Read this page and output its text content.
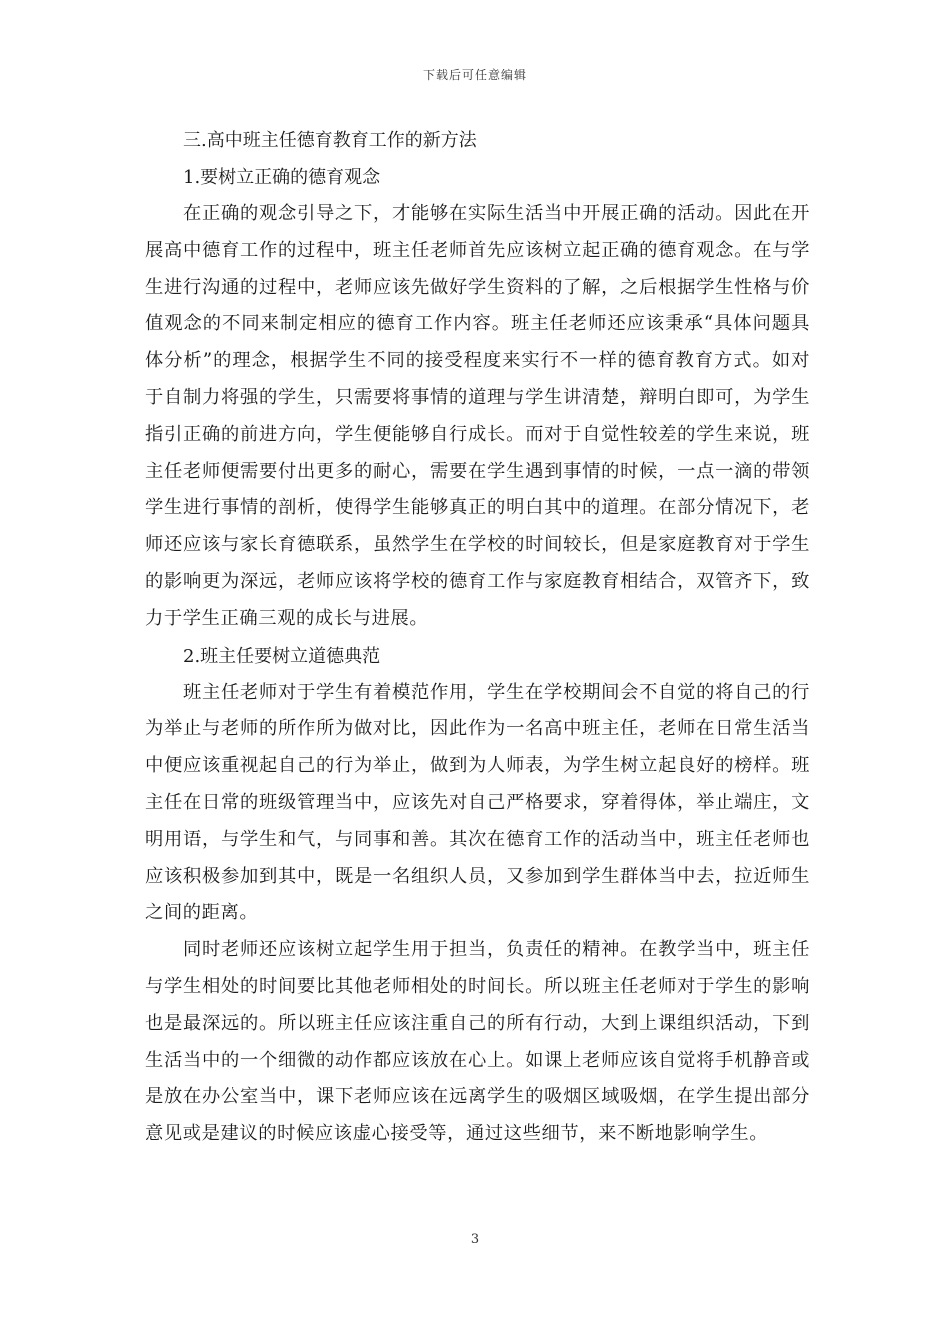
下载后可任意编辑

三.高中班主任德育教育工作的新方法

1.要树立正确的德育观念

在正确的观念引导之下，才能够在实际生活当中开展正确的活动。因此在开展高中德育工作的过程中，班主任老师首先应该树立起正确的德育观念。在与学生进行沟通的过程中，老师应该先做好学生资料的了解，之后根据学生性格与价值观念的不同来制定相应的德育工作内容。班主任老师还应该秉承“具体问题具体分析”的理念，根据学生不同的接受程度来实行不一样的德育教育方式。如对于自制力将强的学生，只需要将事情的道理与学生讲清楚，辩明白即可，为学生指引正确的前进方向，学生便能够自行成长。而对于自觉性较差的学生来说，班主任老师便需要付出更多的耐心，需要在学生遇到事情的时候，一点一滴的带领学生进行事情的剖析，使得学生能够真正的明白其中的道理。在部分情况下，老师还应该与家长育德联系，虽然学生在学校的时间较长，但是家庭教育对于学生的影响更为深远，老师应该将学校的德育工作与家庭教育相结合，双管齐下，致力于学生正确三观的成长与进展。

2.班主任要树立道德典范

班主任老师对于学生有着模范作用，学生在学校期间会不自觉的将自己的行为举止与老师的所作所为做对比，因此作为一名高中班主任，老师在日常生活当中便应该重视起自己的行为举止，做到为人师表，为学生树立起良好的榜样。班主任在日常的班级管理当中，应该先对自己严格要求，穿着得体，举止端庄，文明用语，与学生和气，与同事和善。其次在德育工作的活动当中，班主任老师也应该积极参加到其中，既是一名组织人员，又参加到学生群体当中去，拉近师生之间的距离。

同时老师还应该树立起学生用于担当，负责任的精神。在教学当中，班主任与学生相处的时间要比其他老师相处的时间长。所以班主任老师对于学生的影响也是最深远的。所以班主任应该注重自己的所有行动，大到上课组织活动，下到生活当中的一个细微的动作都应该放在心上。如课上老师应该自觉将手机静音或是放在办公室当中，课下老师应该在远离学生的吸烟区域吸烟，在学生提出部分意见或是建议的时候应该虚心接受等，通过这些细节，来不断地影响学生。

3
